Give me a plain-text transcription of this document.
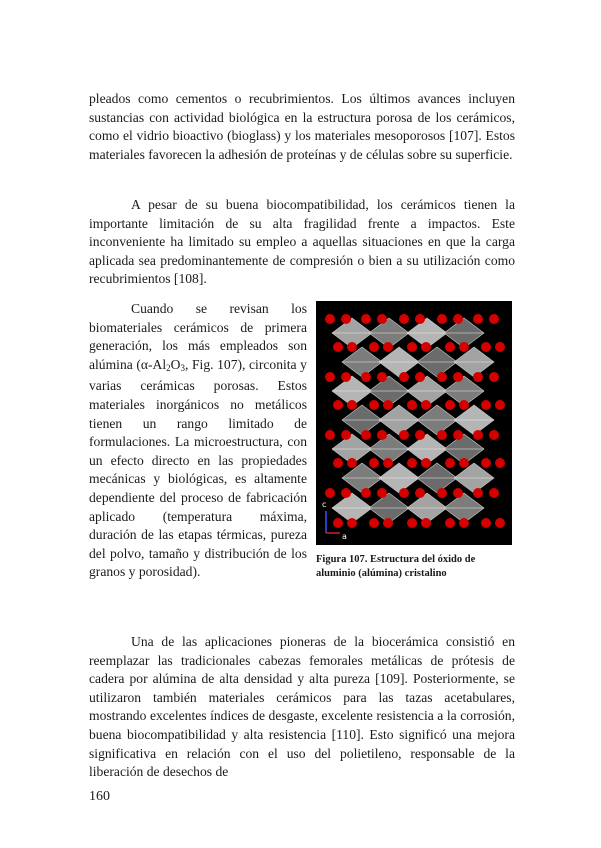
pleados como cementos o recubrimientos. Los últimos avances incluyen sustancias con actividad biológica en la estructura porosa de los cerámicos, como el vidrio bioactivo (bioglass) y los materiales mesoporosos [107]. Estos materiales favorecen la adhesión de proteínas y de células sobre su superficie.

A pesar de su buena biocompatibilidad, los cerámicos tienen la importante limitación de su alta fragilidad frente a impactos. Este inconveniente ha limitado su empleo a aquellas situaciones en que la carga aplicada sea predominantemente de compresión o bien a su utilización como recubrimientos [108].

Cuando se revisan los biomateriales cerámicos de primera generación, los más empleados son alúmina ($\alpha-Al_2O_3$, Fig. 107), circonita y varias cerámicas porosas. Estos materiales inorgánicos no metálicos tienen un rango limitado de formulaciones. La microestructura, con un efecto directo en las propiedades mecánicas y biológicas, es altamente dependiente del proceso de fabricación aplicado (temperatura máxima, duración de las etapas térmicas, pureza del polvo, tamaño y distribución de los granos y porosidad).

c
a
Figura 107. Estructura del óxido de aluminio (alúmina) cristalino

Una de las aplicaciones pioneras de la biocerámica consistió en reemplazar las tradicionales cabezas femorales metálicas de prótesis de cadera por alúmina de alta densidad y alta pureza [109]. Posteriormente, se utilizaron también materiales cerámicos para las tazas acetabulares, mostrando excelentes índices de desgaste, excelente resistencia a la corrosión, buena biocompatibilidad y alta resistencia [110]. Esto significó una mejora significativa en relación con el uso del polietileno, responsable de la liberación de desechos de

160
